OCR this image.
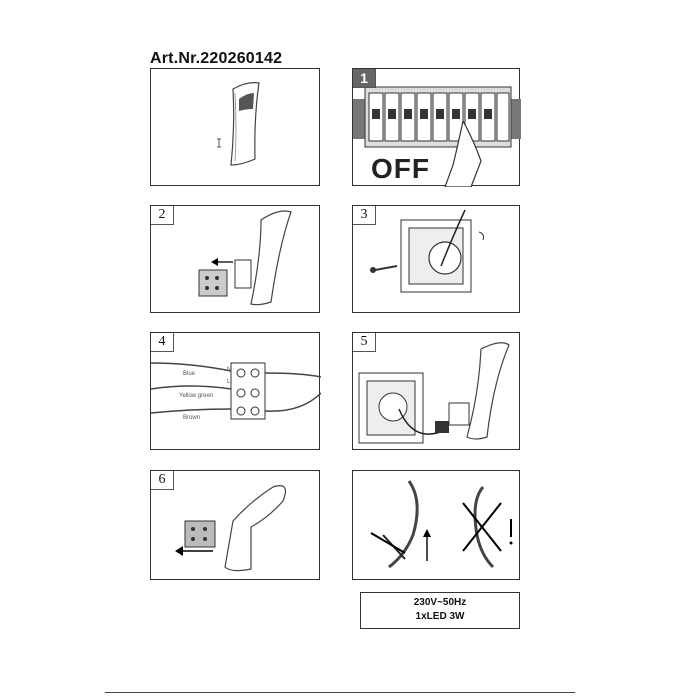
Art.Nr.220260142
1
OFF
2	3
4
Blue
Yellow green
Brown
N
L
5
6
230V~50Hz
1xLED 3W
